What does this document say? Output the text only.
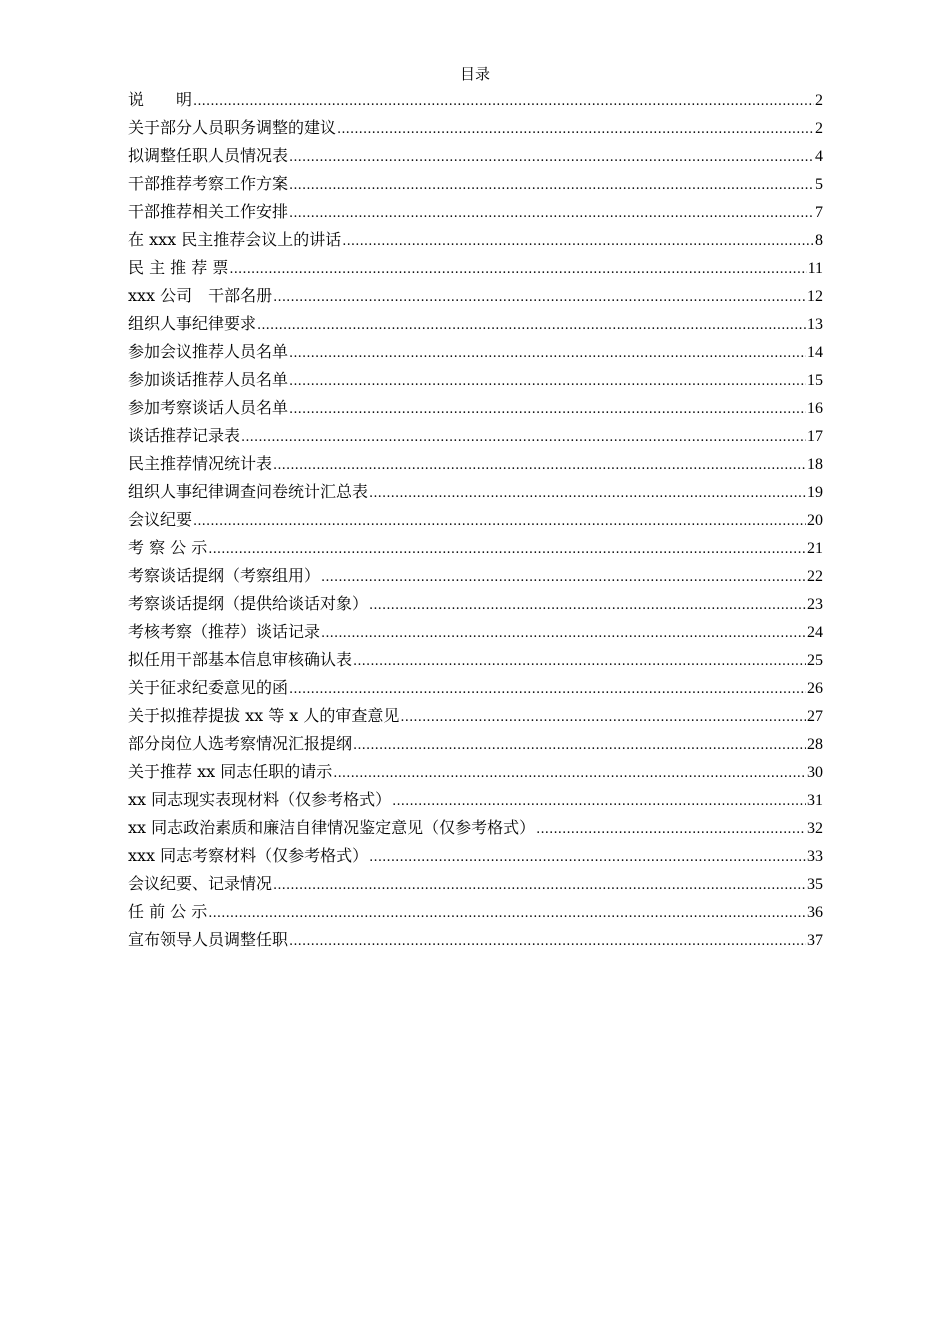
目录
说　　明 .....	2
关于部分人员职务调整的建议 .....	2
拟调整任职人员情况表 .....	4
干部推荐考察工作方案 .....	5
干部推荐相关工作安排 .....	7
在 xxx 民主推荐会议上的讲话 .....	8
民 主 推 荐 票 .....	11
xxx 公司　干部名册 .....	12
组织人事纪律要求 .....	13
参加会议推荐人员名单 .....	14
参加谈话推荐人员名单 .....	15
参加考察谈话人员名单 .....	16
谈话推荐记录表 .....	17
民主推荐情况统计表 .....	18
组织人事纪律调查问卷统计汇总表 .....	19
会议纪要 .....	20
考 察 公 示 .....	21
考察谈话提纲（考察组用） .....	22
考察谈话提纲（提供给谈话对象） .....	23
考核考察（推荐）谈话记录 .....	24
拟任用干部基本信息审核确认表 .....	25
关于征求纪委意见的函 .....	26
关于拟推荐提拔 xx 等 x 人的审查意见 .....	27
部分岗位人选考察情况汇报提纲 .....	28
关于推荐 xx 同志任职的请示 .....	30
xx 同志现实表现材料（仅参考格式） .....	31
xx 同志政治素质和廉洁自律情况鉴定意见（仅参考格式） .....	32
xxx 同志考察材料（仅参考格式） .....	33
会议纪要、记录情况 .....	35
任 前 公 示 .....	36
宣布领导人员调整任职 .....	37
